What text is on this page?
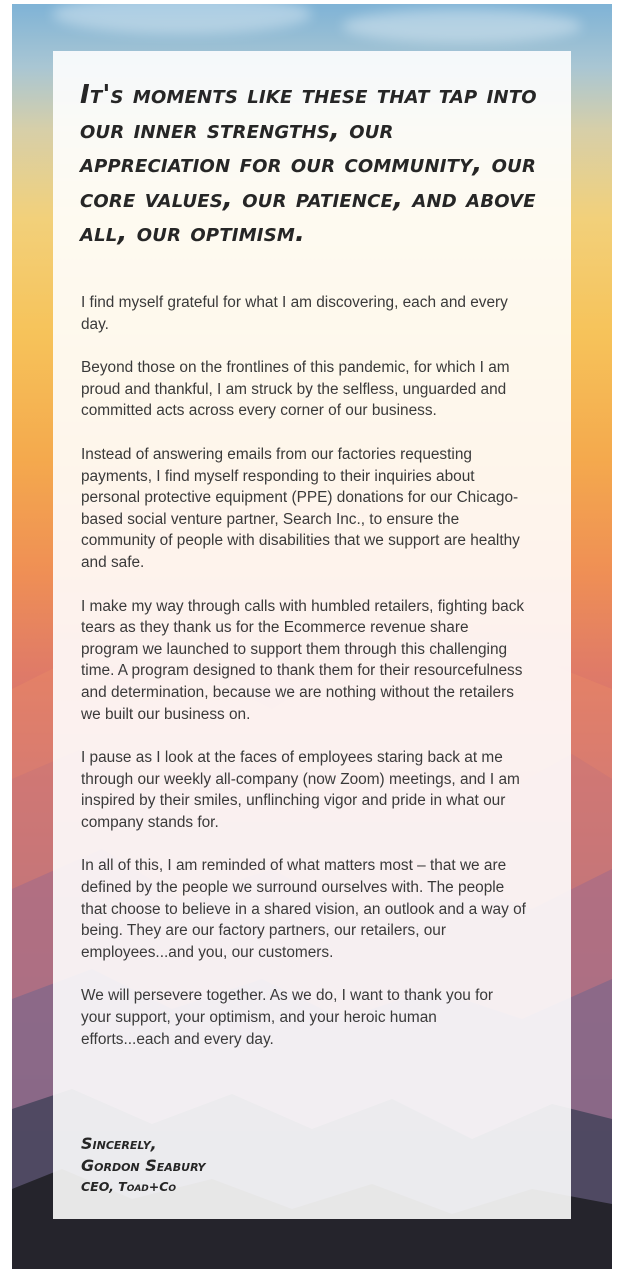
It's moments like these that tap into our inner strengths, our appreciation for our community, our core values, our patience, and above all, our optimism.

I find myself grateful for what I am discovering, each and every day.

Beyond those on the frontlines of this pandemic, for which I am proud and thankful, I am struck by the selfless, unguarded and committed acts across every corner of our business.

Instead of answering emails from our factories requesting payments, I find myself responding to their inquiries about personal protective equipment (PPE) donations for our Chicago-based social venture partner, Search Inc., to ensure the community of people with disabilities that we support are healthy and safe.

I make my way through calls with humbled retailers, fighting back tears as they thank us for the Ecommerce revenue share program we launched to support them through this challenging time. A program designed to thank them for their resourcefulness and determination, because we are nothing without the retailers we built our business on.

I pause as I look at the faces of employees staring back at me through our weekly all-company (now Zoom) meetings, and I am inspired by their smiles, unflinching vigor and pride in what our company stands for.

In all of this, I am reminded of what matters most – that we are defined by the people we surround ourselves with. The people that choose to believe in a shared vision, an outlook and a way of being. They are our factory partners, our retailers, our employees...and you, our customers.

We will persevere together. As we do, I want to thank you for your support, your optimism, and your heroic human efforts...each and every day.

Sincerely,
Gordon Seabury
CEO, Toad+Co
